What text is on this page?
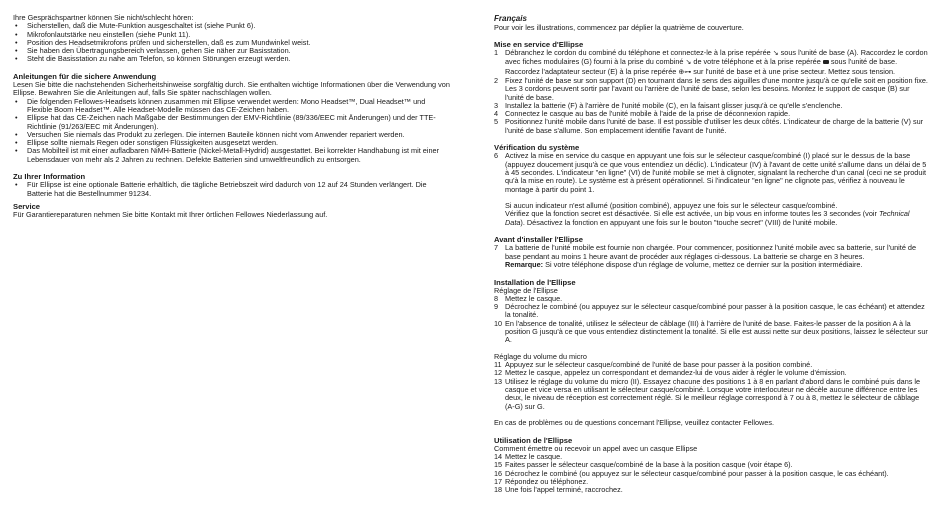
Ihre Gesprächspartner können Sie nicht/schlecht hören:

• Sicherstellen, daß die Mute-Funktion ausgeschaltet ist (siehe Punkt 6).
• Mikrofonlautstärke neu einstellen (siehe Punkt 11).
• Position des Headsetmikrofons prüfen und sicherstellen, daß es zum Mundwinkel weist.
• Sie haben den Übertragungsbereich verlassen, gehen Sie näher zur Basisstation.
• Steht die Basisstation zu nahe am Telefon, so können Störungen erzeugt werden.
Anleitungen für die sichere Anwendung

Lesen Sie bitte die nachstehenden Sicherheitshinweise sorgfältig durch. Sie enthalten wichtige Informationen über die Verwendung von Ellipse. Bewahren Sie die Anleitungen auf, falls Sie später nachschlagen wollen.

• Die folgenden Fellowes-Headsets können zusammen mit Ellipse verwendet werden: Mono Headset™, Dual Headset™ und Flexible Boom Headset™. Alle Headset-Modelle müssen das CE-Zeichen haben.
• Ellipse hat das CE-Zeichen nach Maßgabe der Bestimmungen der EMV-Richtlinie (89/336/EEC mit Änderungen) und der TTE-Richtlinie (91/263/EEC mit Änderungen).
• Versuchen Sie niemals das Produkt zu zerlegen. Die internen Bauteile können nicht vom Anwender repariert werden.
• Ellipse sollte niemals Regen oder sonstigen Flüssigkeiten ausgesetzt werden.
• Das Mobilteil ist mit einer aufladbaren NiMH-Batterie (Nickel-Metall-Hydrid) ausgestattet. Bei korrekter Handhabung ist mit einer Lebensdauer von mehr als 2 Jahren zu rechnen. Defekte Batterien sind umweltfreundlich zu entsorgen.
Zu Ihrer Information
• Für Ellipse ist eine optionale Batterie erhältlich, die tägliche Betriebszeit wird dadurch von 12 auf 24 Stunden verlängert. Die Batterie hat die Bestellnummer 91234.
Service

Für Garantiereparaturen nehmen Sie bitte Kontakt mit Ihrer örtlichen Fellowes Niederlassung auf.

Français

Pour voir les illustrations, commencez par déplier la quatrième de couverture.

Mise en service d'Ellipse
1 Débranchez le cordon du combiné du téléphone et connectez-le à la prise repérée ↘ sous l'unité de base (A). Raccordez le cordon avec fiches modulaires (G) fourni à la prise du combiné ↘ de votre téléphone et à la prise repérée sous l'unité de base. Raccordez l'adaptateur secteur (E) à la prise repérée ⊕⊶ sur l'unité de base et à une prise secteur. Mettez sous tension.
2 Fixez l'unité de base sur son support (D) en tournant dans le sens des aiguilles d'une montre jusqu'à ce qu'elle soit en position fixe. Les 3 cordons peuvent sortir par l'avant ou l'arrière de l'unité de base, selon les besoins. Montez le support de casque (B) sur l'unité de base.
3 Installez la batterie (F) à l'arrière de l'unité mobile (C), en la faisant glisser jusqu'à ce qu'elle s'enclenche.
4 Connectez le casque au bas de l'unité mobile à l'aide de la prise de déconnexion rapide.
5 Positionnez l'unité mobile dans l'unité de base. Il est possible d'utiliser les deux côtés. L'indicateur de charge de la batterie (V) sur l'unité de base s'allume. Son emplacement identifie l'avant de l'unité.
Vérification du système
6 Activez la mise en service du casque en appuyant une fois sur le sélecteur casque/combiné (I) placé sur le dessus de la base (appuyez doucement jusqu'à ce que vous entendiez un déclic). L'indicateur (IV) à l'avant de cette unité s'allume dans un délai de 5 à 45 secondes. L'indicateur "en ligne" (VI) de l'unité mobile se met à clignoter, signalant la recherche d'un canal (ceci ne se produit qu'à la mise en route). Le système est à présent opérationnel. Si l'indicateur "en ligne" ne clignote pas, vérifiez à nouveau le montage à partir du point 1.

Si aucun indicateur n'est allumé (position combiné), appuyez une fois sur le sélecteur casque/combiné.

Vérifiez que la fonction secret est désactivée. Si elle est activée, un bip vous en informe toutes les 3 secondes (voir Technical Data). Désactivez la fonction en appuyant une fois sur le bouton "touche secret" (VIII) de l'unité mobile.

Avant d'installer l'Ellipse
7 La batterie de l'unité mobile est fournie non chargée. Pour commencer, positionnez l'unité mobile avec sa batterie, sur l'unité de base pendant au moins 1 heure avant de procéder aux réglages ci-dessous. La batterie se charge en 3 heures.

Remarque: Si votre téléphone dispose d'un réglage de volume, mettez ce dernier sur la position intermédiaire.

Installation de l'Ellipse

Réglage de l'Ellipse

8 Mettez le casque.
9 Décrochez le combiné (ou appuyez sur le sélecteur casque/combiné pour passer à la position casque, le cas échéant) et attendez la tonalité.
10 En l'absence de tonalité, utilisez le sélecteur de câblage (III) à l'arrière de l'unité de base. Faites-le passer de la position A à la position G jusqu'à ce que vous entendiez distinctement la tonalité. Si elle est aussi nette sur deux positions, laissez le sélecteur sur A.

Réglage du volume du micro

11 Appuyez sur le sélecteur casque/combiné de l'unité de base pour passer à la position combiné.
12 Mettez le casque, appelez un correspondant et demandez-lui de vous aider à régler le volume d'émission.
13 Utilisez le réglage du volume du micro (II). Essayez chacune des positions 1 à 8 en parlant d'abord dans le combiné puis dans le casque et vice versa en utilisant le sélecteur casque/combiné. Lorsque votre interlocuteur ne décèle aucune différence entre les deux, le niveau de réception est correctement réglé. Si le meilleur réglage correspond à 7 ou à 8, mettez le sélecteur de câblage (A-G) sur G.

En cas de problèmes ou de questions concernant l'Ellipse, veuillez contacter Fellowes.

Utilisation de l'Ellipse

Comment émettre ou recevoir un appel avec un casque Ellipse

14 Mettez le casque.
15 Faites passer le sélecteur casque/combiné de la base à la position casque (voir étape 6).
16 Décrochez le combiné (ou appuyez sur le sélecteur casque/combiné pour passer à la position casque, le cas échéant).
17 Répondez ou téléphonez.
18 Une fois l'appel terminé, raccrochez.
